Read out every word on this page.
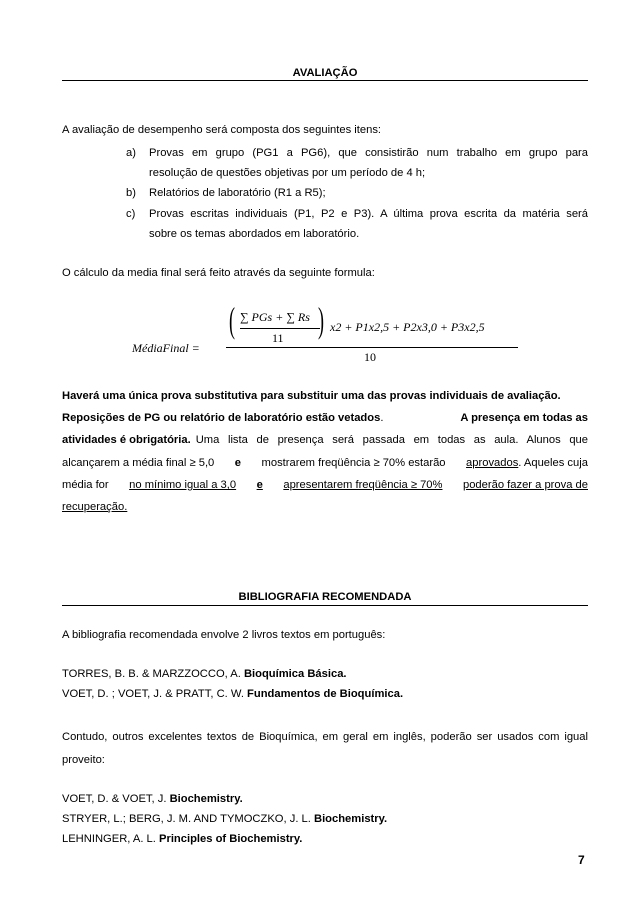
AVALIAÇÃO
A avaliação de desempenho será composta dos seguintes itens:
a) Provas em grupo (PG1 a PG6), que consistirão num trabalho em grupo para
resolução de questões objetivas por um período de 4 h;
b) Relatórios de laboratório (R1 a R5);
c) Provas escritas individuais (P1, P2 e P3). A última prova escrita da matéria será
sobre os temas abordados em laboratório.
O cálculo da media final será feito através da seguinte formula:
MédiaFinal =
( )
∑ PGs + ∑ Rs
11
x2 + P1x2,5 + P2x3,0 + P3x2,5
10
Haverá uma única prova substitutiva para substituir uma das provas individuais de avaliação.
Reposições de PG ou relatório de laboratório estão vetados.	A presença em todas as
atividades é obrigatória. Uma lista de presença será passada em todas as aula. Alunos que
alcançarem a média final ≥ 5,0 e mostrarem freqüência ≥ 70% estarão aprovados. Aqueles cuja
média for no mínimo igual a 3,0 e apresentarem freqüência ≥ 70% poderão fazer a prova de
recuperação.
BIBLIOGRAFIA RECOMENDADA
A bibliografia recomendada envolve 2 livros textos em português:
TORRES, B. B. & MARZZOCCO, A. Bioquímica Básica.
VOET, D. ; VOET, J. & PRATT, C. W. Fundamentos de Bioquímica.
Contudo, outros excelentes textos de Bioquímica, em geral em inglês, poderão ser usados com igual
proveito:
VOET, D. & VOET, J. Biochemistry.
STRYER, L.; BERG, J. M. AND TYMOCZKO, J. L. Biochemistry.
LEHNINGER, A. L. Principles of Biochemistry.
7
